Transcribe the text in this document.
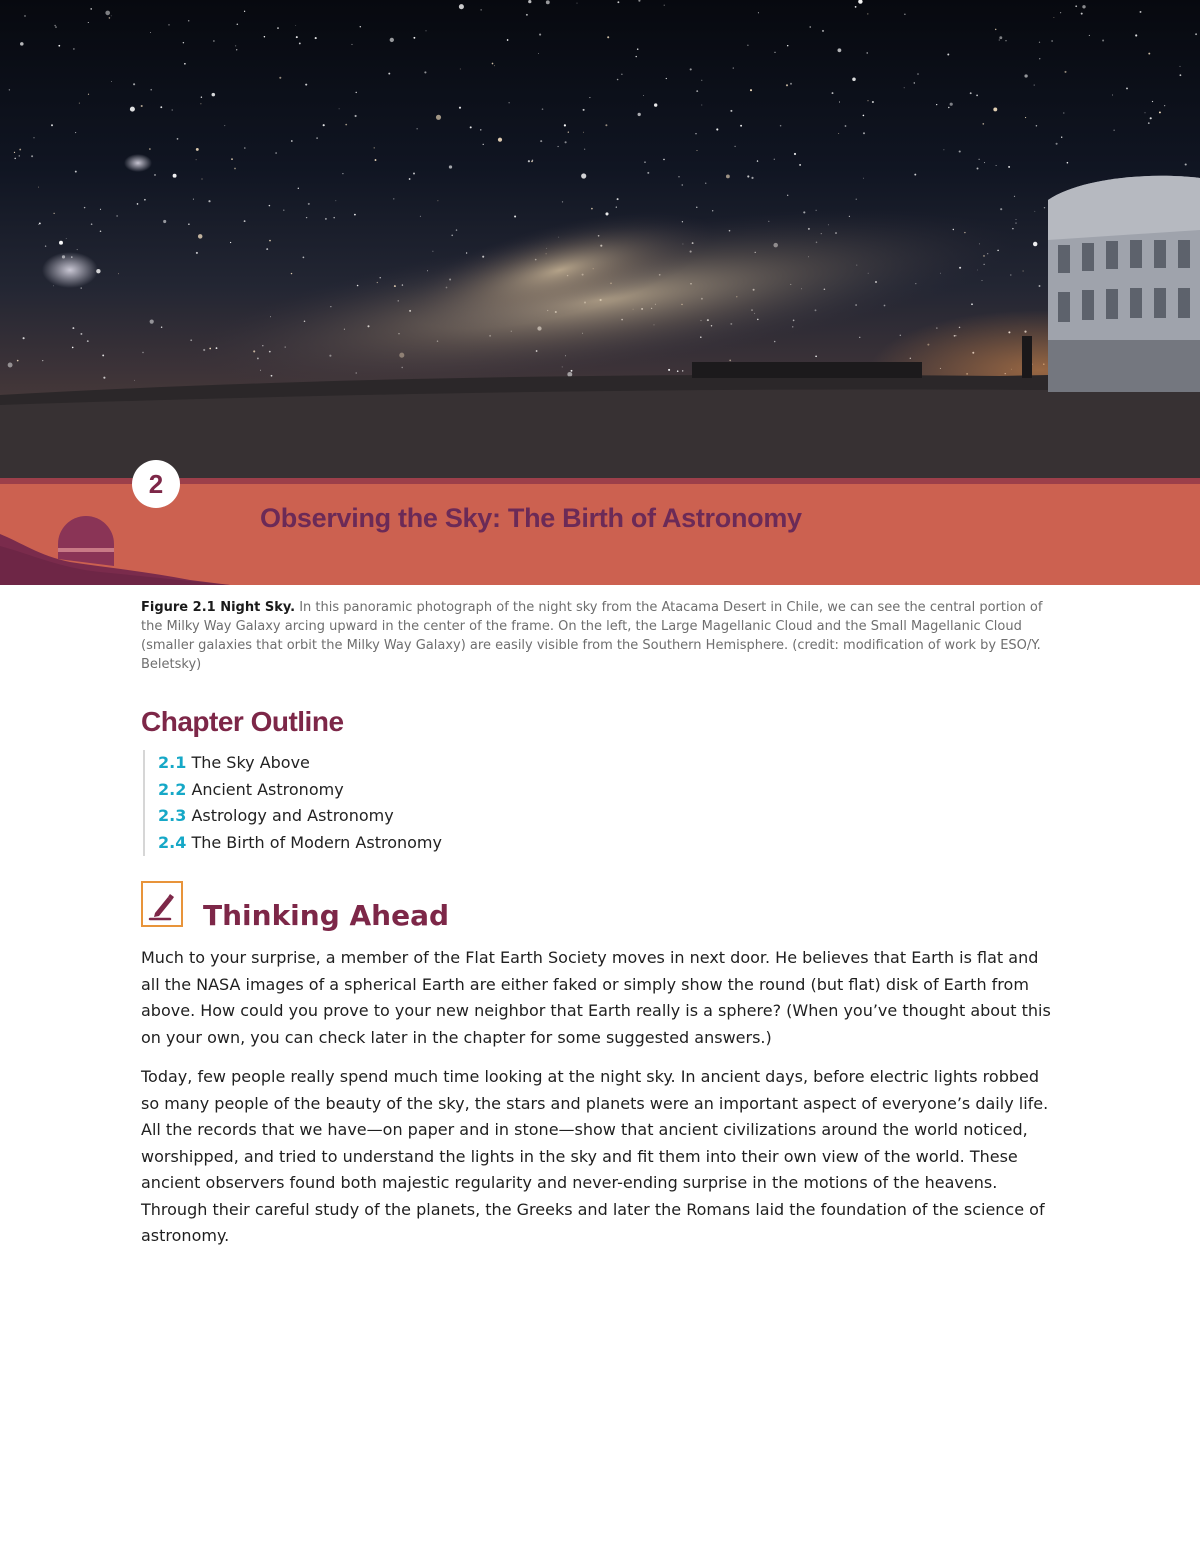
2
Observing the Sky: The Birth of Astronomy

Figure 2.1 Night Sky. In this panoramic photograph of the night sky from the Atacama Desert in Chile, we can see the central portion of the Milky Way Galaxy arcing upward in the center of the frame. On the left, the Large Magellanic Cloud and the Small Magellanic Cloud (smaller galaxies that orbit the Milky Way Galaxy) are easily visible from the Southern Hemisphere. (credit: modification of work by ESO/Y. Beletsky)

Chapter Outline
2.1 The Sky Above
2.2 Ancient Astronomy
2.3 Astrology and Astronomy
2.4 The Birth of Modern Astronomy
Thinking Ahead

Much to your surprise, a member of the Flat Earth Society moves in next door. He believes that Earth is flat and all the NASA images of a spherical Earth are either faked or simply show the round (but flat) disk of Earth from above. How could you prove to your new neighbor that Earth really is a sphere? (When you’ve thought about this on your own, you can check later in the chapter for some suggested answers.)

Today, few people really spend much time looking at the night sky. In ancient days, before electric lights robbed so many people of the beauty of the sky, the stars and planets were an important aspect of everyone’s daily life. All the records that we have—on paper and in stone—show that ancient civilizations around the world noticed, worshipped, and tried to understand the lights in the sky and fit them into their own view of the world. These ancient observers found both majestic regularity and never-ending surprise in the motions of the heavens. Through their careful study of the planets, the Greeks and later the Romans laid the foundation of the science of astronomy.
